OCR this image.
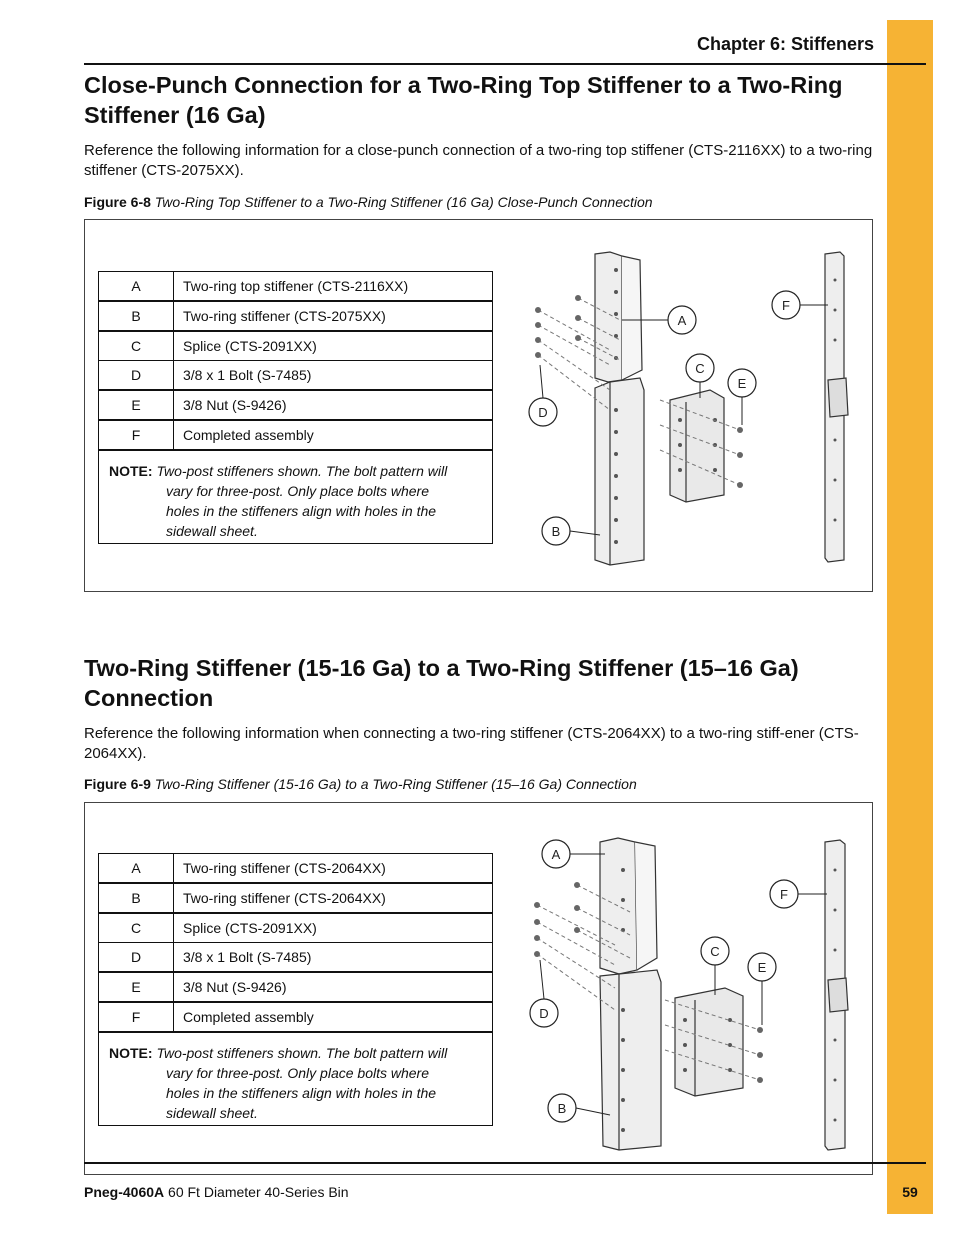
Chapter 6: Stiffeners
Close-Punch Connection for a Two-Ring Top Stiffener to a Two-Ring Stiffener (16 Ga)
Reference the following information for a close-punch connection of a two-ring top stiffener (CTS-2116XX) to a two-ring stiffener (CTS-2075XX).
Figure 6-8 Two-Ring Top Stiffener to a Two-Ring Stiffener (16 Ga) Close-Punch Connection
A	Two-ring top stiffener (CTS-2116XX)
B	Two-ring stiffener (CTS-2075XX)
C	Splice (CTS-2091XX)
D	3/8 x 1 Bolt (S-7485)
E	3/8 Nut (S-9426)
F	Completed assembly
NOTE: Two-post stiffeners shown. The bolt pattern will
vary for three-post. Only place bolts where
holes in the stiffeners align with holes in the
sidewall sheet.
A
B
C
D
E
F
Two-Ring Stiffener (15-16 Ga) to a Two-Ring Stiffener (15–16 Ga) Connection
Reference the following information when connecting a two-ring stiffener (CTS-2064XX) to a two-ring stiff-ener (CTS-2064XX).
Figure 6-9 Two-Ring Stiffener (15-16 Ga) to a Two-Ring Stiffener (15–16 Ga) Connection
A	Two-ring stiffener (CTS-2064XX)
B	Two-ring stiffener (CTS-2064XX)
C	Splice (CTS-2091XX)
D	3/8 x 1 Bolt (S-7485)
E	3/8 Nut (S-9426)
F	Completed assembly
NOTE: Two-post stiffeners shown. The bolt pattern will
vary for three-post. Only place bolts where
holes in the stiffeners align with holes in the
sidewall sheet.
A
B
C
D
E
F
Pneg-4060A 60 Ft Diameter 40-Series Bin	59
